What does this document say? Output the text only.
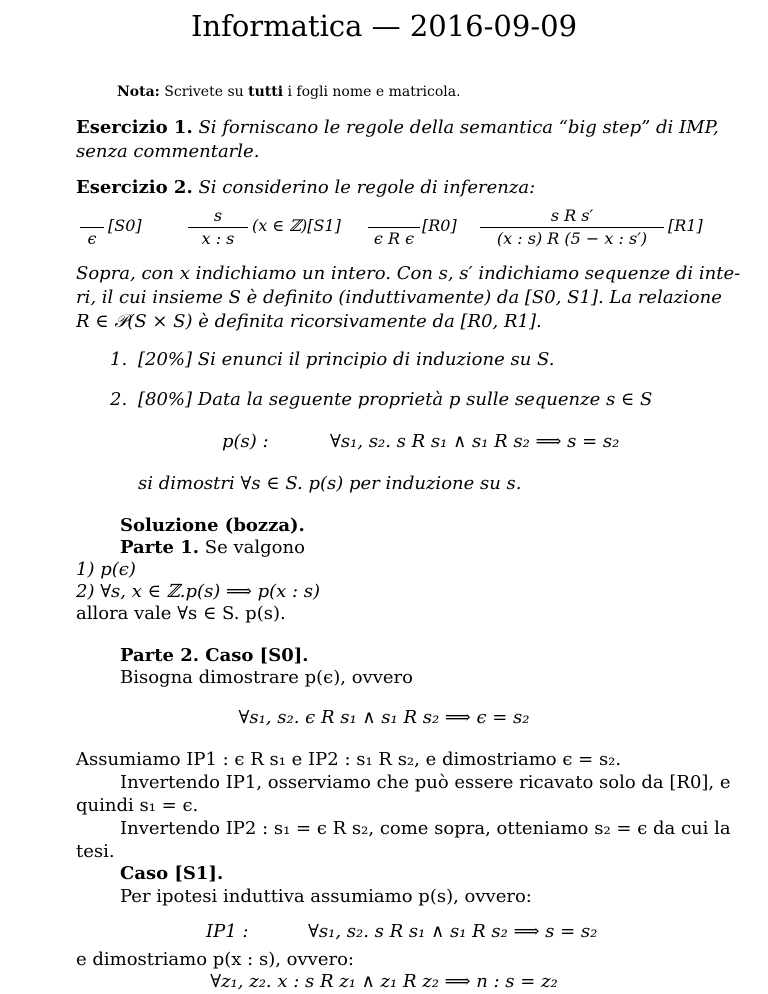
Informatica — 2016-09-09
Nota: Scrivete su tutti i fogli nome e matricola.
Esercizio 1. Si forniscano le regole della semantica “big step” di IMP,
senza commentarle.
Esercizio 2. Si considerino le regole di inferenza:
ϵ
[S0]
s
x : s
(x ∈ ℤ)[S1]
ϵ R ϵ
[R0]
s R s′
(x : s) R (5 − x : s′)
[R1]
Sopra, con x indichiamo un intero. Con s, s′ indichiamo sequenze di inte-
ri, il cui insieme S è definito (induttivamente) da [S0, S1]. La relazione
R ∈ 𝒫(S × S) è definita ricorsivamente da [R0, R1].
1. [20%] Si enunci il principio di induzione su S.
2. [80%] Data la seguente proprietà p sulle sequenze s ∈ S
p(s) :	∀s₁, s₂. s R s₁ ∧ s₁ R s₂ ⟹ s = s₂
si dimostri ∀s ∈ S. p(s) per induzione su s.
Soluzione (bozza).
Parte 1. Se valgono
1) p(ϵ)
2) ∀s, x ∈ ℤ.p(s) ⟹ p(x : s)
allora vale ∀s ∈ S. p(s).
Parte 2. Caso [S0].
Bisogna dimostrare p(ϵ), ovvero
∀s₁, s₂. ϵ R s₁ ∧ s₁ R s₂ ⟹ ϵ = s₂
Assumiamo IP1 : ϵ R s₁ e IP2 : s₁ R s₂, e dimostriamo ϵ = s₂.
Invertendo IP1, osserviamo che può essere ricavato solo da [R0], e
quindi s₁ = ϵ.
Invertendo IP2 : s₁ = ϵ R s₂, come sopra, otteniamo s₂ = ϵ da cui la
tesi.
Caso [S1].
Per ipotesi induttiva assumiamo p(s), ovvero:
IP1 :	∀s₁, s₂. s R s₁ ∧ s₁ R s₂ ⟹ s = s₂
e dimostriamo p(x : s), ovvero:
∀z₁, z₂. x : s R z₁ ∧ z₁ R z₂ ⟹ n : s = z₂
